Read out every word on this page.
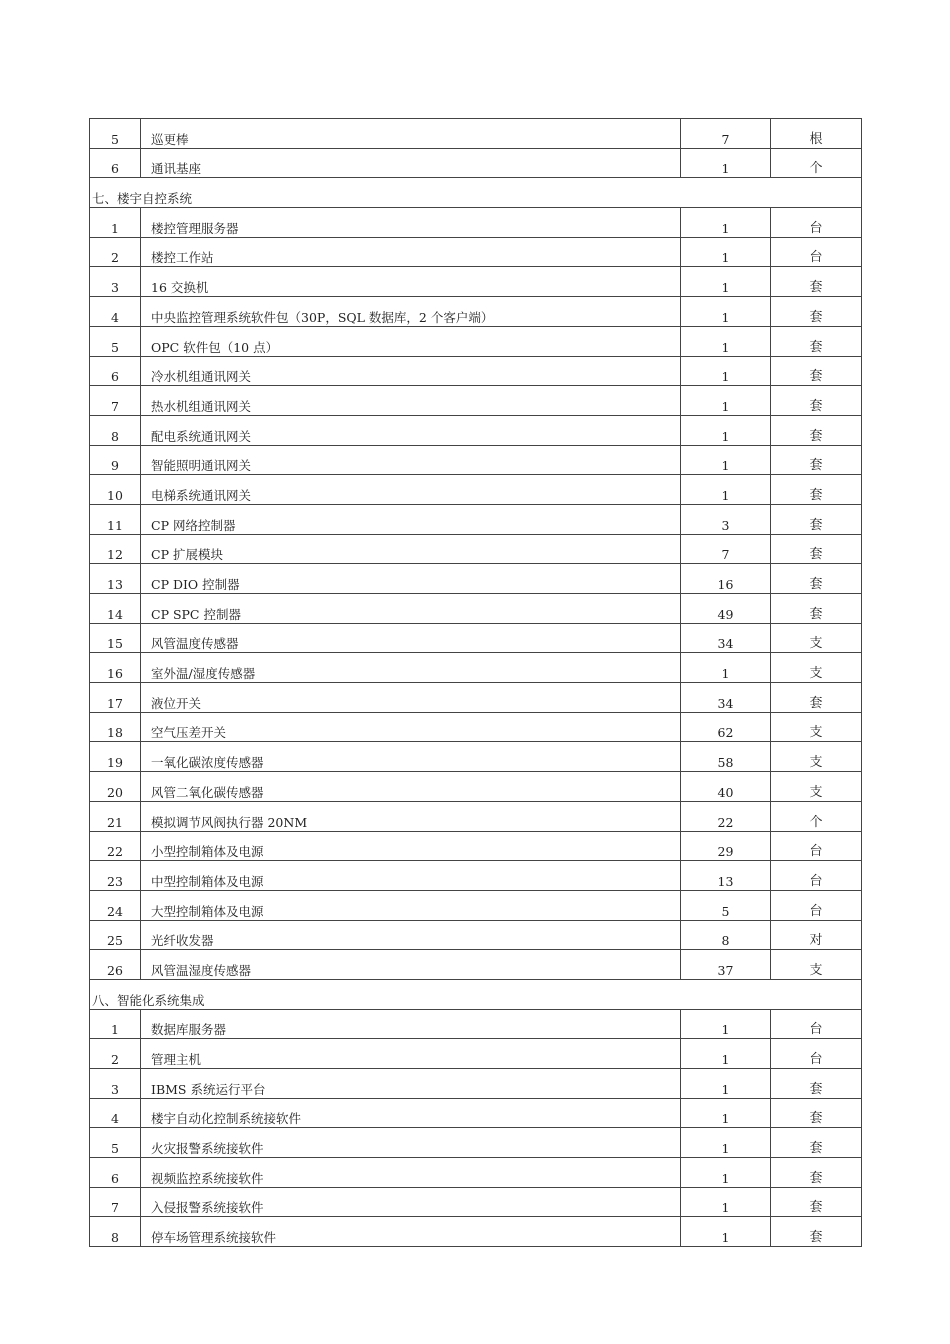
5	巡更棒	7	根
6	通讯基座	1	个
七、楼宇自控系统			
1	楼控管理服务器	1	台
2	楼控工作站	1	台
3	16 交换机	1	套
4	中央监控管理系统软件包（30P，SQL 数据库，2 个客户端）	1	套
5	OPC 软件包（10 点）	1	套
6	冷水机组通讯网关	1	套
7	热水机组通讯网关	1	套
8	配电系统通讯网关	1	套
9	智能照明通讯网关	1	套
10	电梯系统通讯网关	1	套
11	CP 网络控制器	3	套
12	CP 扩展模块	7	套
13	CP DIO 控制器	16	套
14	CP SPC 控制器	49	套
15	风管温度传感器	34	支
16	室外温/湿度传感器	1	支
17	液位开关	34	套
18	空气压差开关	62	支
19	一氧化碳浓度传感器	58	支
20	风管二氧化碳传感器	40	支
21	模拟调节风阀执行器 20NM	22	个
22	小型控制箱体及电源	29	台
23	中型控制箱体及电源	13	台
24	大型控制箱体及电源	5	台
25	光纤收发器	8	对
26	风管温湿度传感器	37	支
八、智能化系统集成			
1	数据库服务器	1	台
2	管理主机	1	台
3	IBMS 系统运行平台	1	套
4	楼宇自动化控制系统接软件	1	套
5	火灾报警系统接软件	1	套
6	视频监控系统接软件	1	套
7	入侵报警系统接软件	1	套
8	停车场管理系统接软件	1	套
